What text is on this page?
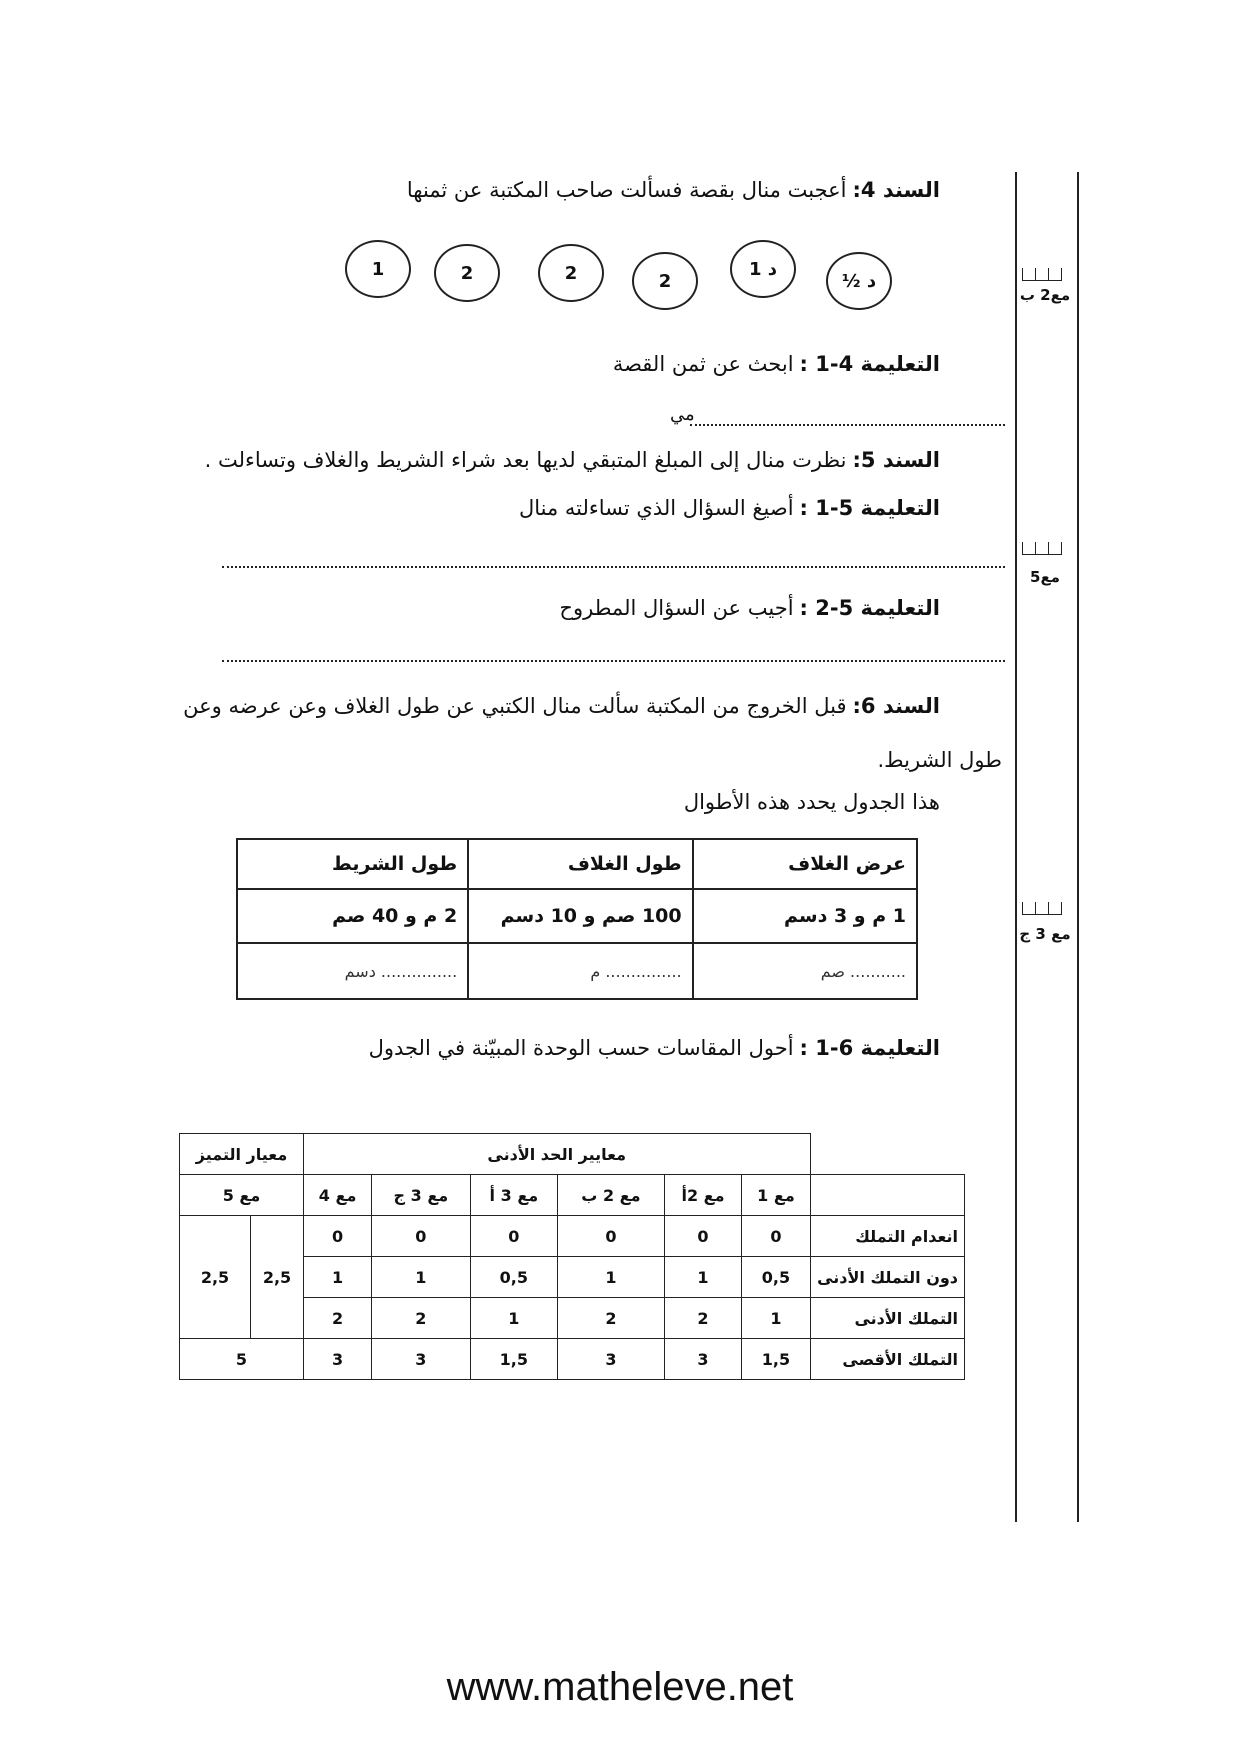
مع2 ب
مع5
مع 3 ج
السند 4:أعجبت منال بقصة فسألت صاحب المكتبة عن ثمنها
1	2	2	2
1 د
½ د
التعليمة 4-1 :ابحث عن ثمن القصة
مي
السند 5:نظرت منال إلى المبلغ المتبقي لديها بعد شراء الشريط والغلاف وتساءلت .
التعليمة 5-1 :أصيغ السؤال الذي تساءلته منال
التعليمة 5-2 :أجيب عن السؤال المطروح
السند 6:قبل الخروج من المكتبة سألت منال الكتبي عن طول الغلاف وعن عرضه وعن
طول الشريط.
هذا الجدول يحدد هذه الأطوال
عرض الغلاف	طول الغلاف	طول الشريط
1 م و 3 دسم	100 صم و 10 دسم	2 م و 40 صم
........... صم	............... م	............... دسم
التعليمة 6-1 :أحول المقاسات حسب الوحدة المبيّنة في الجدول
	معايير الحد الأدنى						معيار التميز	
	مع 1	مع 2أ	مع 2 ب	مع 3 أ	مع 3 ج	مع 4	مع 5	
انعدام التملك	0	0	0	0	0	0	2,5	2,5
دون التملك الأدنى	0,5	1	1	0,5	1	1		
التملك الأدنى	1	2	2	1	2	2		
التملك الأقصى	1,5	3	3	1,5	3	3	5	
www.matheleve.net
